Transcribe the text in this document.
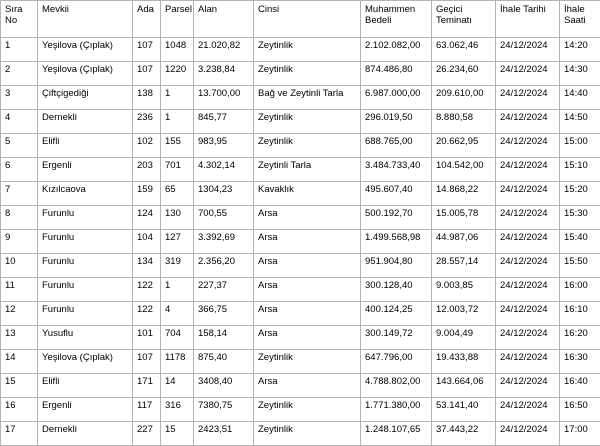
Sıra No	Mevkii	Ada	Parsel	Alan	Cinsi	Muhammen Bedeli	Geçici Teminatı	İhale Tarihi	İhale Saati
1	Yeşilova (Çıplak)	107	1048	21.020,82	Zeytinlik	2.102.082,00	63.062,46	24/12/2024	14:20
2	Yeşilova (Çıplak)	107	1220	3.238,84	Zeytinlik	874.486,80	26.234,60	24/12/2024	14:30
3	Çiftçigediği	138	1	13.700,00	Bağ ve Zeytinli Tarla	6.987.000,00	209.610,00	24/12/2024	14:40
4	Dernekli	236	1	845,77	Zeytinlik	296.019,50	8.880,58	24/12/2024	14:50
5	Elifli	102	155	983,95	Zeytinlik	688.765,00	20.662,95	24/12/2024	15:00
6	Ergenli	203	701	4.302,14	Zeytinli Tarla	3.484.733,40	104.542,00	24/12/2024	15:10
7	Kızılcaova	159	65	1304,23	Kavaklık	495.607,40	14.868,22	24/12/2024	15:20
8	Furunlu	124	130	700,55	Arsa	500.192,70	15.005,78	24/12/2024	15:30
9	Furunlu	104	127	3.392,69	Arsa	1.499.568,98	44.987,06	24/12/2024	15:40
10	Furunlu	134	319	2.356,20	Arsa	951.904,80	28.557,14	24/12/2024	15:50
11	Furunlu	122	1	227,37	Arsa	300.128,40	9.003,85	24/12/2024	16:00
12	Furunlu	122	4	366,75	Arsa	400.124,25	12.003,72	24/12/2024	16:10
13	Yusuflu	101	704	158,14	Arsa	300.149,72	9.004,49	24/12/2024	16:20
14	Yeşilova (Çıplak)	107	1178	875,40	Zeytinlik	647.796,00	19.433,88	24/12/2024	16:30
15	Elifli	171	14	3408,40	Arsa	4.788.802,00	143.664,06	24/12/2024	16:40
16	Ergenli	117	316	7380,75	Zeytinlik	1.771.380,00	53.141,40	24/12/2024	16:50
17	Dernekli	227	15	2423,51	Zeytinlik	1.248.107,65	37.443,22	24/12/2024	17:00
